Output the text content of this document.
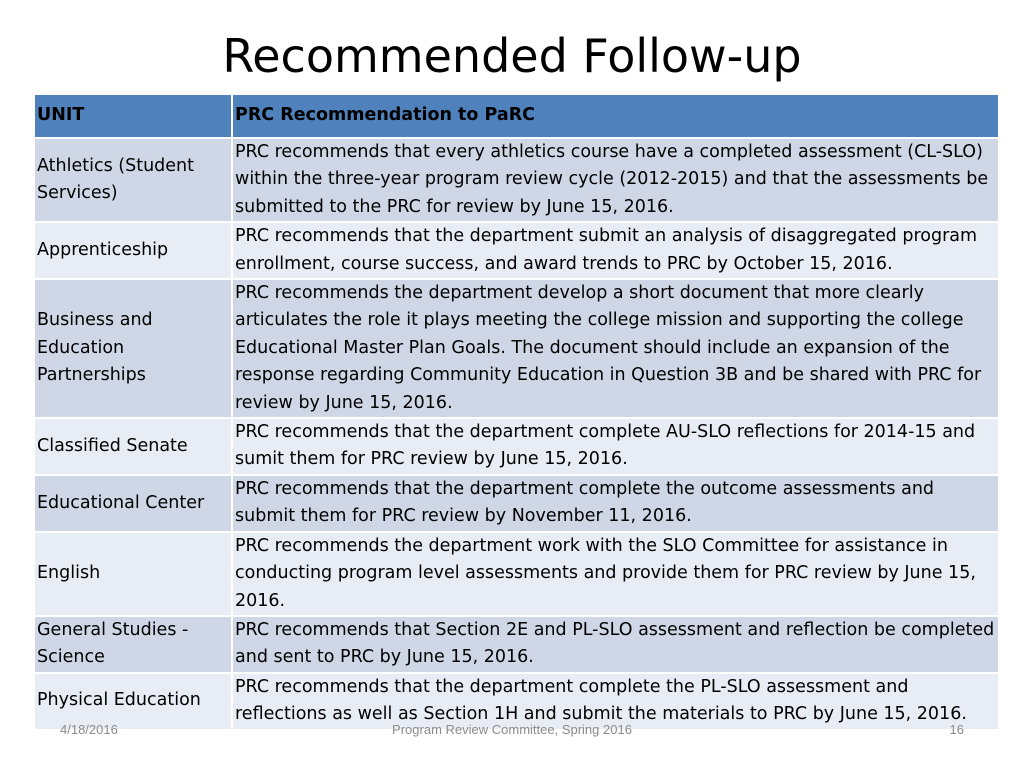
Recommended Follow-up
UNIT	PRC Recommendation to PaRC
Athletics (Student Services)	PRC recommends that every athletics course have a completed assessment (CL-SLO) within the three-year program review cycle (2012-2015) and that the assessments be submitted to the PRC for review by June 15, 2016.
Apprenticeship	PRC recommends that the department submit an analysis of disaggregated program enrollment, course success, and award trends to PRC by October 15, 2016.
Business and Education Partnerships	PRC recommends the department develop a short document that more clearly articulates the role it plays meeting the college mission and supporting the college Educational Master Plan Goals. The document should include an expansion of the response regarding Community Education in Question 3B and be shared with PRC for review by June 15, 2016.
Classified Senate	PRC recommends that the department complete AU-SLO reflections for 2014-15 and sumit them for PRC review by June 15, 2016.
Educational Center	PRC recommends that the department complete the outcome assessments and submit them for PRC review by November 11, 2016.
English	PRC recommends the department work with the SLO Committee for assistance in conducting program level assessments and provide them for PRC review by June 15, 2016.
General Studies - Science	PRC recommends that Section 2E and PL-SLO assessment and reflection be completed and sent to PRC by June 15, 2016.
Physical Education	PRC recommends that the department complete the PL-SLO assessment and reflections as well as Section 1H and submit the materials to PRC by June 15, 2016.
4/18/2016	Program Review Committee, Spring 2016	16
